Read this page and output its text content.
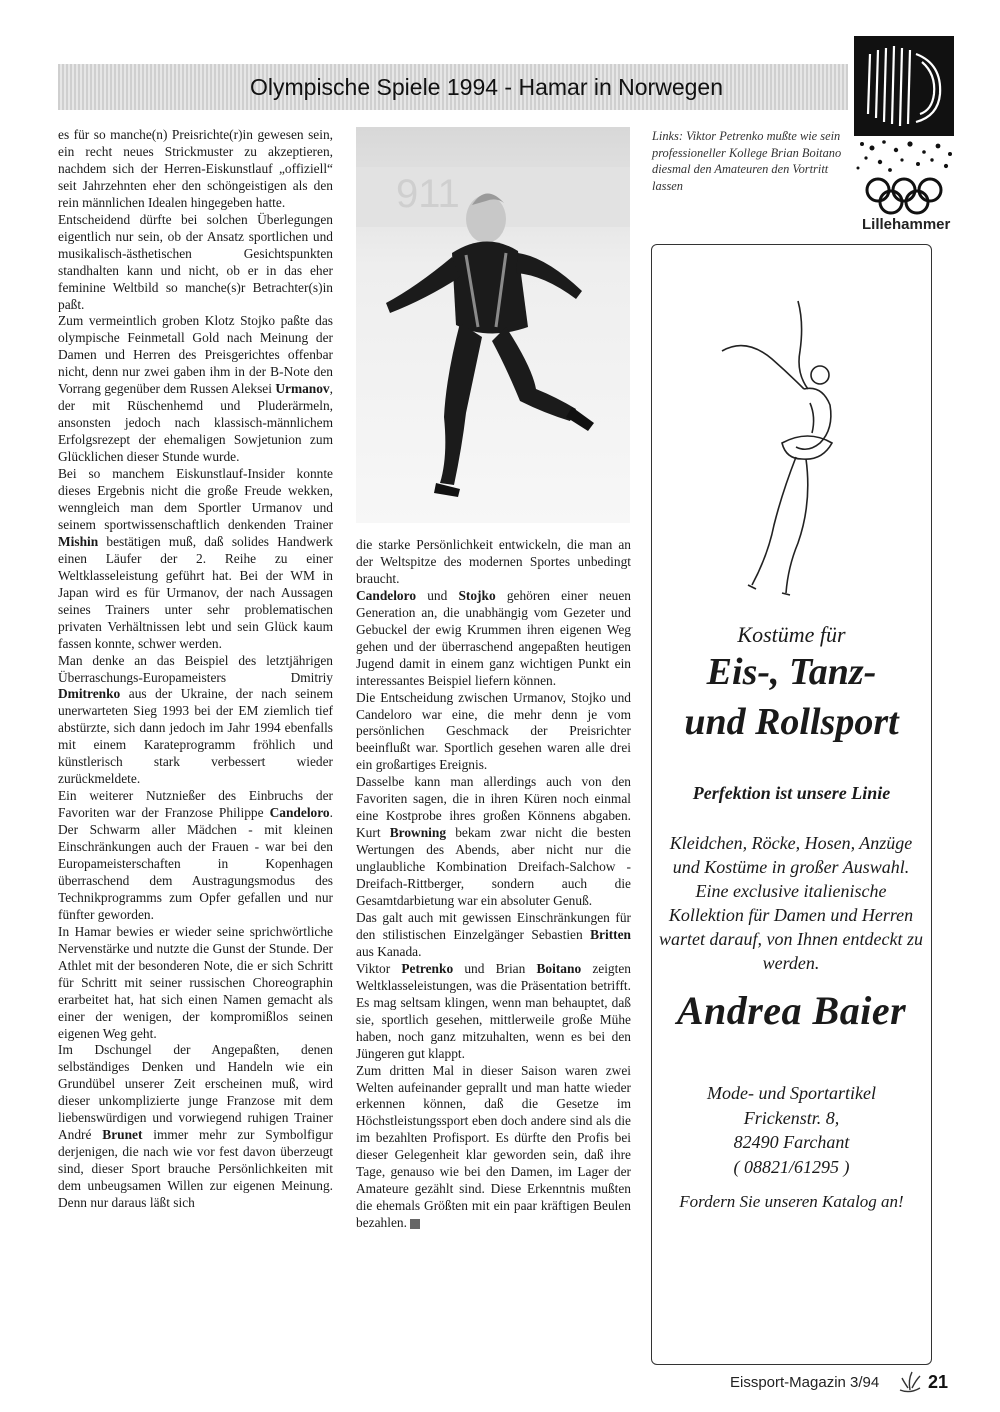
Olympische Spiele 1994 - Hamar in Norwegen
Lillehammer

es für so manche(n) Preisrichte(r)in gewesen sein, ein recht neues Strickmuster zu akzeptieren, nachdem sich der Herren-Eiskunstlauf „offiziell“ seit Jahrzehnten eher den schöngeistigen als den rein männlichen Idealen hingegeben hatte.

Entscheidend dürfte bei solchen Überlegungen eigentlich nur sein, ob der Ansatz sportlichen und musikalisch-ästhetischen Gesichtspunkten standhalten kann und nicht, ob er in das eher feminine Weltbild so manche(s)r Betrachter(s)in paßt.

Zum vermeintlich groben Klotz Stojko paßte das olympische Feinmetall Gold nach Meinung der Damen und Herren des Preisgerichtes offenbar nicht, denn nur zwei gaben ihm in der B-Note den Vorrang gegenüber dem Russen Aleksei Urmanov, der mit Rüschenhemd und Pluderärmeln, ansonsten jedoch nach klassisch-männlichem Erfolgsrezept der ehemaligen Sowjetunion zum Glücklichen dieser Stunde wurde.

Bei so manchem Eiskunstlauf-Insider konnte dieses Ergebnis nicht die große Freude wekken, wenngleich man dem Sportler Urmanov und seinem sportwissenschaftlich denkenden Trainer Mishin bestätigen muß, daß solides Handwerk einen Läufer der 2. Reihe zu einer Weltklasseleistung geführt hat. Bei der WM in Japan wird es für Urmanov, der nach Aussagen seines Trainers unter sehr problematischen privaten Verhältnissen lebt und sein Glück kaum fassen konnte, schwer werden.

Man denke an das Beispiel des letztjährigen Überraschungs-Europameisters Dmitriy Dmitrenko aus der Ukraine, der nach seinem unerwarteten Sieg 1993 bei der EM ziemlich tief abstürzte, sich dann jedoch im Jahr 1994 ebenfalls mit einem Karateprogramm fröhlich und künstlerisch stark verbessert wieder zurückmeldete.

Ein weiterer Nutznießer des Einbruchs der Favoriten war der Franzose Philippe Candeloro. Der Schwarm aller Mädchen - mit kleinen Einschränkungen auch der Frauen - war bei den Europameisterschaften in Kopenhagen überraschend dem Austragungsmodus des Technikprogramms zum Opfer gefallen und nur fünfter geworden.

In Hamar bewies er wieder seine sprichwörtliche Nervenstärke und nutzte die Gunst der Stunde. Der Athlet mit der besonderen Note, die er sich Schritt für Schritt mit seiner russischen Choreographin erarbeitet hat, hat sich einen Namen gemacht als einer der wenigen, der kompromißlos seinen eigenen Weg geht.

Im Dschungel der Angepaßten, denen selbständiges Denken und Handeln wie ein Grundübel unserer Zeit erscheinen muß, wird dieser unkomplizierte junge Franzose mit dem liebenswürdigen und vorwiegend ruhigen Trainer André Brunet immer mehr zur Symbolfigur derjenigen, die nach wie vor fest davon überzeugt sind, dieser Sport brauche Persönlichkeiten mit dem unbeugsamen Willen zur eigenen Meinung. Denn nur daraus läßt sich

911
Links: Viktor Petrenko mußte wie sein professioneller Kollege Brian Boitano diesmal den Amateuren den Vortritt lassen

die starke Persönlichkeit entwickeln, die man an der Weltspitze des modernen Sportes unbedingt braucht.

Candeloro und Stojko gehören einer neuen Generation an, die unabhängig vom Gezeter und Gebuckel der ewig Krummen ihren eigenen Weg gehen und der überraschend angepaßten heutigen Jugend damit in einem ganz wichtigen Punkt ein interessantes Beispiel liefern können.

Die Entscheidung zwischen Urmanov, Stojko und Candeloro war eine, die mehr denn je vom persönlichen Geschmack der Preisrichter beeinflußt war. Sportlich gesehen waren alle drei ein großartiges Ereignis.

Dasselbe kann man allerdings auch von den Favoriten sagen, die in ihren Küren noch einmal eine Kostprobe ihres großen Könnens abgaben. Kurt Browning bekam zwar nicht die besten Wertungen des Abends, aber nicht nur die unglaubliche Kombination Dreifach-Salchow - Dreifach-Rittberger, sondern auch die Gesamtdarbietung war ein absoluter Genuß.

Das galt auch mit gewissen Einschränkungen für den stilistischen Einzelgänger Sebastien Britten aus Kanada.

Viktor Petrenko und Brian Boitano zeigten Weltklasseleistungen, was die Präsentation betrifft. Es mag seltsam klingen, wenn man behauptet, daß sie, sportlich gesehen, mittlerweile große Mühe haben, noch ganz mitzuhalten, wenn es bei den Jüngeren gut klappt.

Zum dritten Mal in dieser Saison waren zwei Welten aufeinander geprallt und man hatte wieder erkennen können, daß die Gesetze im Höchstleistungssport eben doch andere sind als die im bezahlten Profisport. Es dürfte den Profis bei dieser Gelegenheit klar geworden sein, daß ihre Tage, genauso wie bei den Damen, im Lager der Amateure gezählt sind. Diese Erkenntnis mußten die ehemals Größten mit ein paar kräftigen Beulen bezahlen.

Kostüme für
Eis-, Tanz-
und Rollsport
Perfektion ist unsere Linie
Kleidchen, Röcke, Hosen, Anzüge und Kostüme in großer Auswahl. Eine exclusive italienische Kollektion für Damen und Herren wartet darauf, von Ihnen entdeckt zu werden.
Andrea Baier
Mode- und Sportartikel
Frickenstr. 8,
82490 Farchant
( 08821/61295 )
Fordern Sie unseren Katalog an!
Eissport-Magazin 3/94	21
